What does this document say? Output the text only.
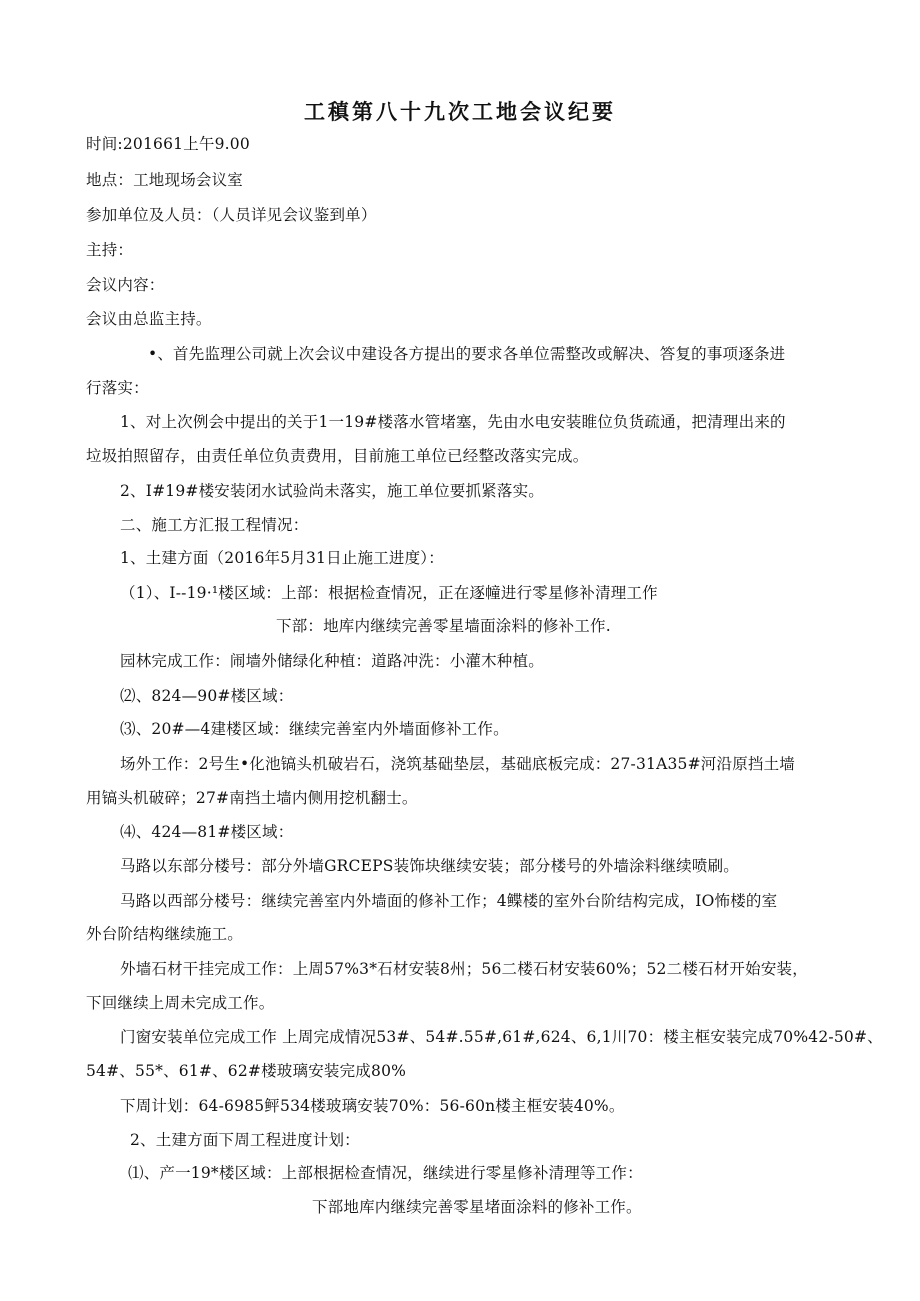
工稹第八十九次工地会议纪要

时间:201661上午9.00

地点：工地现场会议室

参加单位及人员：（人员详见会议鉴到单）

主持：

会议内容：

会议由总监主持。

•、首先监理公司就上次会议中建设各方提出的要求各单位需整改或解决、答复的事项逐条进

行落实：

1、对上次例会中提出的关于1一19#楼落水管堵塞，先由水电安装睢位负货疏通，把清理出来的

垃圾拍照留存，由责任单位负责费用，目前施工单位已经整改落实完成。

2、I#19#楼安装闭水试验尚未落实，施工单位要抓紧落实。

二、施工方汇报工程情况：

1、土建方面（2016年5月31日止施工进度）：

（1）、I--19·¹楼区域：上部：根据检查情况，正在逐幢进行零星修补清理工作

下部：地库内继续完善零星墙面涂料的修补工作.

园林完成工作：闹墙外储绿化种植：道路冲洗：小灌木种植。

⑵、824—90#楼区域：

⑶、20#—4建楼区域：继续完善室内外墙面修补工作。

场外工作：2号生•化池镐头机破岩石，浇筑基础垫层，基础底板完成：27-31A35#河沿原挡土墙

用镐头机破碎；27#南挡土墙内侧用挖机翻士。

⑷、424—81#楼区域：

马路以东部分楼号：部分外墙GRCEPS装饰块继续安装；部分楼号的外墙涂料继续喷刷。

马路以西部分楼号：继续完善室内外墙面的修补工作；4鲽楼的室外台阶结构完成，IO怖楼的室

外台阶结构继续施工。

外墙石材干挂完成工作：上周57%3*石材安装8州；56二楼石材安装60%；52二楼石材开始安装，

下回继续上周未完成工作。

门窗安装单位完成工作 上周完成情况53#、54#.55#,61#,624、6,1川70：楼主框安装完成70%42-50#、

54#、55*、61#、62#楼玻璃安装完成80%

下周计划：64-6985鲆534楼玻璃安装70%：56-60n楼主框安装40%。

2、土建方面下周工程进度计划：

⑴、产一19*楼区域：上部根据检查情况，继续进行零星修补清理等工作：

下部地库内继续完善零星堵面涂料的修补工作。
